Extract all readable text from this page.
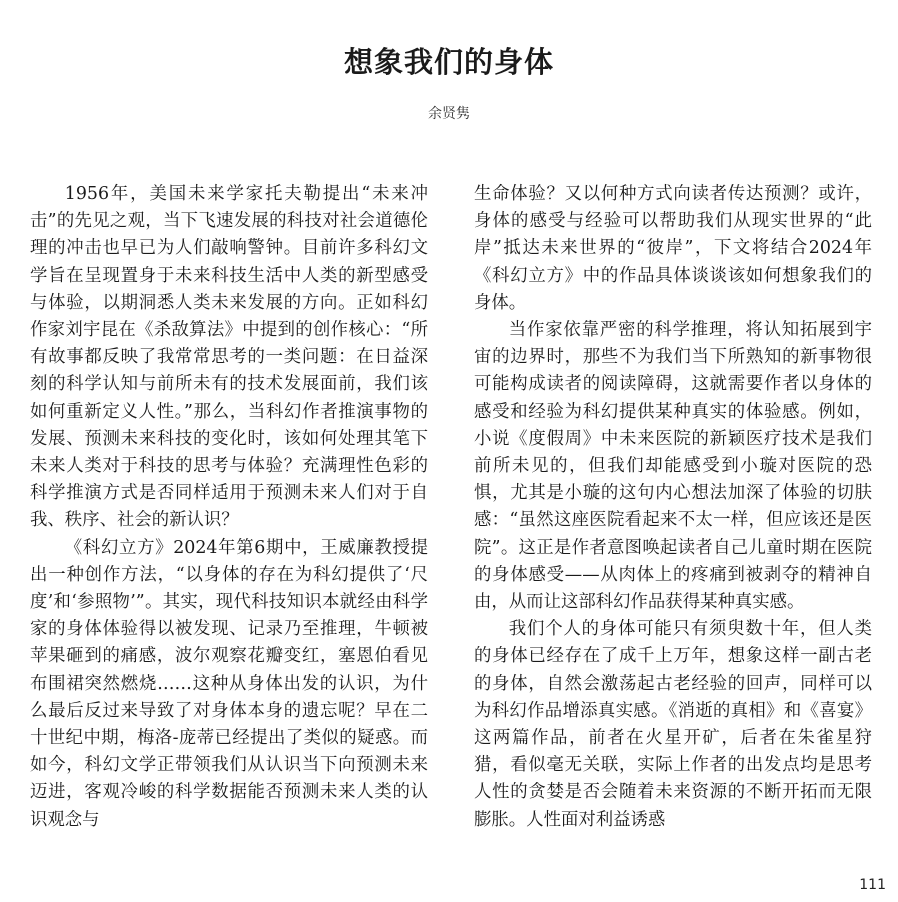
想象我们的身体
余贤隽

1956年，美国未来学家托夫勒提出“未来冲击”的先见之观，当下飞速发展的科技对社会道德伦理的冲击也早已为人们敲响警钟。目前许多科幻文学旨在呈现置身于未来科技生活中人类的新型感受与体验，以期洞悉人类未来发展的方向。正如科幻作家刘宇昆在《杀敌算法》中提到的创作核心：“所有故事都反映了我常常思考的一类问题：在日益深刻的科学认知与前所未有的技术发展面前，我们该如何重新定义人性。”那么，当科幻作者推演事物的发展、预测未来科技的变化时，该如何处理其笔下未来人类对于科技的思考与体验？充满理性色彩的科学推演方式是否同样适用于预测未来人们对于自我、秩序、社会的新认识？

《科幻立方》2024年第6期中，王威廉教授提出一种创作方法，“以身体的存在为科幻提供了‘尺度’和‘参照物’”。其实，现代科技知识本就经由科学家的身体体验得以被发现、记录乃至推理，牛顿被苹果砸到的痛感，波尔观察花瓣变红，塞恩伯看见布围裙突然燃烧……这种从身体出发的认识，为什么最后反过来导致了对身体本身的遗忘呢？早在二十世纪中期，梅洛-庞蒂已经提出了类似的疑惑。而如今，科幻文学正带领我们从认识当下向预测未来迈进，客观冷峻的科学数据能否预测未来人类的认识观念与

生命体验？又以何种方式向读者传达预测？或许，身体的感受与经验可以帮助我们从现实世界的“此岸”抵达未来世界的“彼岸”，下文将结合2024年《科幻立方》中的作品具体谈谈该如何想象我们的身体。

当作家依靠严密的科学推理，将认知拓展到宇宙的边界时，那些不为我们当下所熟知的新事物很可能构成读者的阅读障碍，这就需要作者以身体的感受和经验为科幻提供某种真实的体验感。例如，小说《度假周》中未来医院的新颖医疗技术是我们前所未见的，但我们却能感受到小璇对医院的恐惧，尤其是小璇的这句内心想法加深了体验的切肤感：“虽然这座医院看起来不太一样，但应该还是医院”。这正是作者意图唤起读者自己儿童时期在医院的身体感受——从肉体上的疼痛到被剥夺的精神自由，从而让这部科幻作品获得某种真实感。

我们个人的身体可能只有须臾数十年，但人类的身体已经存在了成千上万年，想象这样一副古老的身体，自然会激荡起古老经验的回声，同样可以为科幻作品增添真实感。《消逝的真相》和《喜宴》这两篇作品，前者在火星开矿，后者在朱雀星狩猎，看似毫无关联，实际上作者的出发点均是思考人性的贪婪是否会随着未来资源的不断开拓而无限膨胀。人性面对利益诱惑

111
